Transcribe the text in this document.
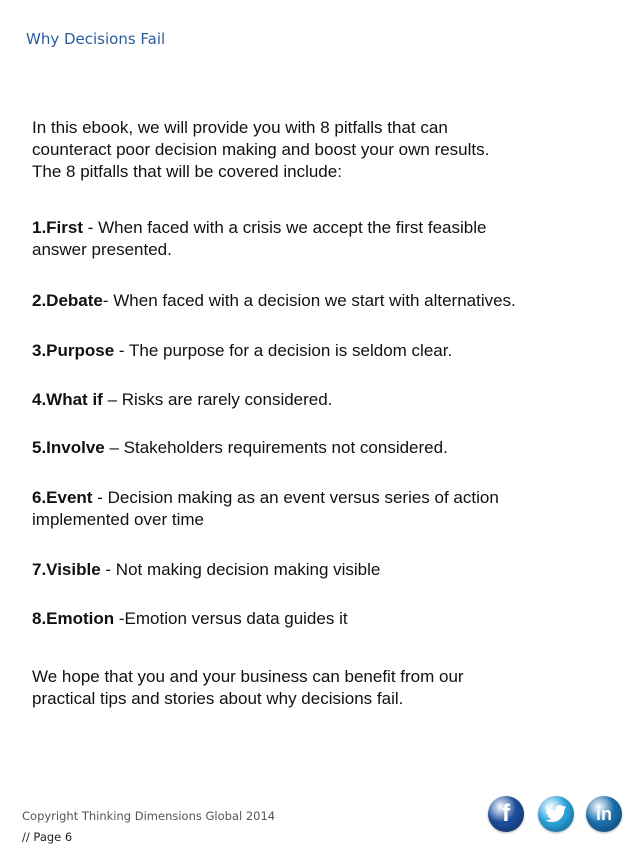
Why Decisions Fail
In this ebook, we will provide you with 8 pitfalls that can
counteract poor decision making and boost your own results.
The 8 pitfalls that will be covered include:
1.First - When faced with a crisis we accept the first feasible
answer presented.
2.Debate- When faced with a decision we start with alternatives.
3.Purpose - The purpose for a decision is seldom clear.
4.What if – Risks are rarely considered.
5.Involve – Stakeholders requirements not considered.
6.Event - Decision making as an event versus series of action
implemented over time
7.Visible - Not making decision making visible
8.Emotion -Emotion versus data guides it
We hope that you and your business can benefit from our
practical tips and stories about why decisions fail.
Copyright Thinking Dimensions Global 2014
// Page 6
f	in
